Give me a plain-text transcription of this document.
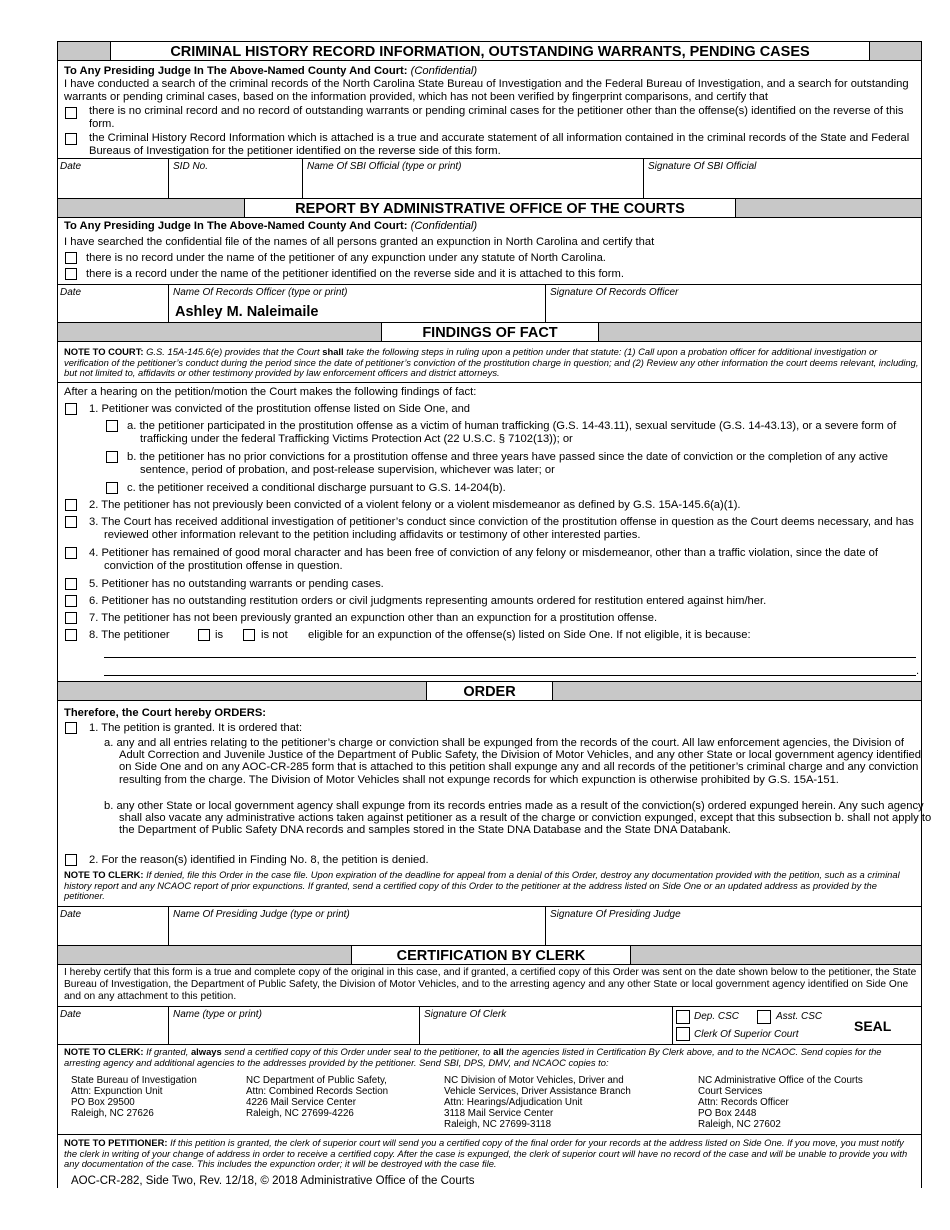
CRIMINAL HISTORY RECORD INFORMATION, OUTSTANDING WARRANTS, PENDING CASES
To Any Presiding Judge In The Above-Named County And Court: (Confidential)
I have conducted a search of the criminal records of the North Carolina State Bureau of Investigation and the Federal Bureau of Investigation, and a search for outstanding warrants or pending criminal cases, based on the information provided, which has not been verified by fingerprint comparisons, and certify that
there is no criminal record and no record of outstanding warrants or pending criminal cases for the petitioner other than the offense(s) identified on the reverse of this form.
the Criminal History Record Information which is attached is a true and accurate statement of all information contained in the criminal records of the State and Federal Bureaus of Investigation for the petitioner identified on the reverse side of this form.
Date	SID No.	Name Of SBI Official (type or print)	Signature Of SBI Official
REPORT BY ADMINISTRATIVE OFFICE OF THE COURTS
To Any Presiding Judge In The Above-Named County And Court: (Confidential)
I have searched the confidential file of the names of all persons granted an expunction in North Carolina and certify that
there is no record under the name of the petitioner of any expunction under any statute of North Carolina.
there is a record under the name of the petitioner identified on the reverse side and it is attached to this form.
Date	Name Of Records Officer (type or print)
Ashley M. Naleimaile
Signature Of Records Officer
FINDINGS OF FACT
NOTE TO COURT: G.S. 15A-145.6(e) provides that the Court shall take the following steps in ruling upon a petition under that statute: (1) Call upon a probation officer for additional investigation or verification of the petitioner’s conduct during the period since the date of petitioner’s conviction of the prostitution charge in question; and (2) Review any other information the court deems relevant, including, but not limited to, affidavits or other testimony provided by law enforcement officers and district attorneys.
After a hearing on the petition/motion the Court makes the following findings of fact:
1. Petitioner was convicted of the prostitution offense listed on Side One, and
a. the petitioner participated in the prostitution offense as a victim of human trafficking (G.S. 14-43.11), sexual servitude (G.S. 14-43.13), or a severe form of trafficking under the federal Trafficking Victims Protection Act (22 U.S.C. § 7102(13)); or
b. the petitioner has no prior convictions for a prostitution offense and three years have passed since the date of conviction or the completion of any active sentence, period of probation, and post-release supervision, whichever was later; or
c. the petitioner received a conditional discharge pursuant to G.S. 14-204(b).
2. The petitioner has not previously been convicted of a violent felony or a violent misdemeanor as defined by G.S. 15A-145.6(a)(1).
3. The Court has received additional investigation of petitioner’s conduct since conviction of the prostitution offense in question as the Court deems necessary, and has reviewed other information relevant to the petition including affidavits or testimony of other interested parties.
4. Petitioner has remained of good moral character and has been free of conviction of any felony or misdemeanor, other than a traffic violation, since the date of conviction of the prostitution offense in question.
5. Petitioner has no outstanding warrants or pending cases.
6. Petitioner has no outstanding restitution orders or civil judgments representing amounts ordered for restitution entered against him/her.
7. The petitioner has not been previously granted an expunction other than an expunction for a prostitution offense.
8. The petitioner	is	is not eligible for an expunction of the offense(s) listed on Side One. If not eligible, it is because:
.
ORDER
Therefore, the Court hereby ORDERS:
1. The petition is granted. It is ordered that:
a. any and all entries relating to the petitioner’s charge or conviction shall be expunged from the records of the court. All law enforcement agencies, the Division of Adult Correction and Juvenile Justice of the Department of Public Safety, the Division of Motor Vehicles, and any other State or local government agency identified on Side One and on any AOC-CR-285 form that is attached to this petition shall expunge any and all records of the petitioner’s criminal charge and any conviction resulting from the charge. The Division of Motor Vehicles shall not expunge records for which expunction is otherwise prohibited by G.S. 15A-151.
b. any other State or local government agency shall expunge from its records entries made as a result of the conviction(s) ordered expunged herein. Any such agency shall also vacate any administrative actions taken against petitioner as a result of the charge or conviction expunged, except that this subsection b. shall not apply to the Department of Public Safety DNA records and samples stored in the State DNA Database and the State DNA Databank.
2. For the reason(s) identified in Finding No. 8, the petition is denied.
NOTE TO CLERK: If denied, file this Order in the case file. Upon expiration of the deadline for appeal from a denial of this Order, destroy any documentation provided with the petition, such as a criminal history report and any NCAOC report of prior expunctions. If granted, send a certified copy of this Order to the petitioner at the address listed on Side One or an updated address as provided by the petitioner.
Date	Name Of Presiding Judge (type or print)	Signature Of Presiding Judge
CERTIFICATION BY CLERK
I hereby certify that this form is a true and complete copy of the original in this case, and if granted, a certified copy of this Order was sent on the date shown below to the petitioner, the State Bureau of Investigation, the Department of Public Safety, the Division of Motor Vehicles, and to the arresting agency and any other State or local government agency identified on Side One and on any attachment to this petition.
Date	Name (type or print)	Signature Of Clerk	Dep. CSC	Asst. CSC
Clerk Of Superior Court
SEAL
NOTE TO CLERK: If granted, always send a certified copy of this Order under seal to the petitioner, to all the agencies listed in Certification By Clerk above, and to the NCAOC. Send copies for the arresting agency and additional agencies to the addresses provided by the petitioner. Send SBI, DPS, DMV, and NCAOC copies to:
State Bureau of Investigation
Attn: Expunction Unit
PO Box 29500
Raleigh, NC 27626
NC Department of Public Safety,
Attn: Combined Records Section
4226 Mail Service Center
Raleigh, NC 27699-4226
NC Division of Motor Vehicles, Driver and
Vehicle Services, Driver Assistance Branch
Attn: Hearings/Adjudication Unit
3118 Mail Service Center
Raleigh, NC 27699-3118
NC Administrative Office of the Courts
Court Services
Attn: Records Officer
PO Box 2448
Raleigh, NC 27602
NOTE TO PETITIONER: If this petition is granted, the clerk of superior court will send you a certified copy of the final order for your records at the address listed on Side One. If you move, you must notify the clerk in writing of your change of address in order to receive a certified copy. After the case is expunged, the clerk of superior court will have no record of the case and will be unable to provide you with any documentation of the case. This includes the expunction order; it will be destroyed with the case file.
AOC-CR-282, Side Two, Rev. 12/18, © 2018 Administrative Office of the Courts
